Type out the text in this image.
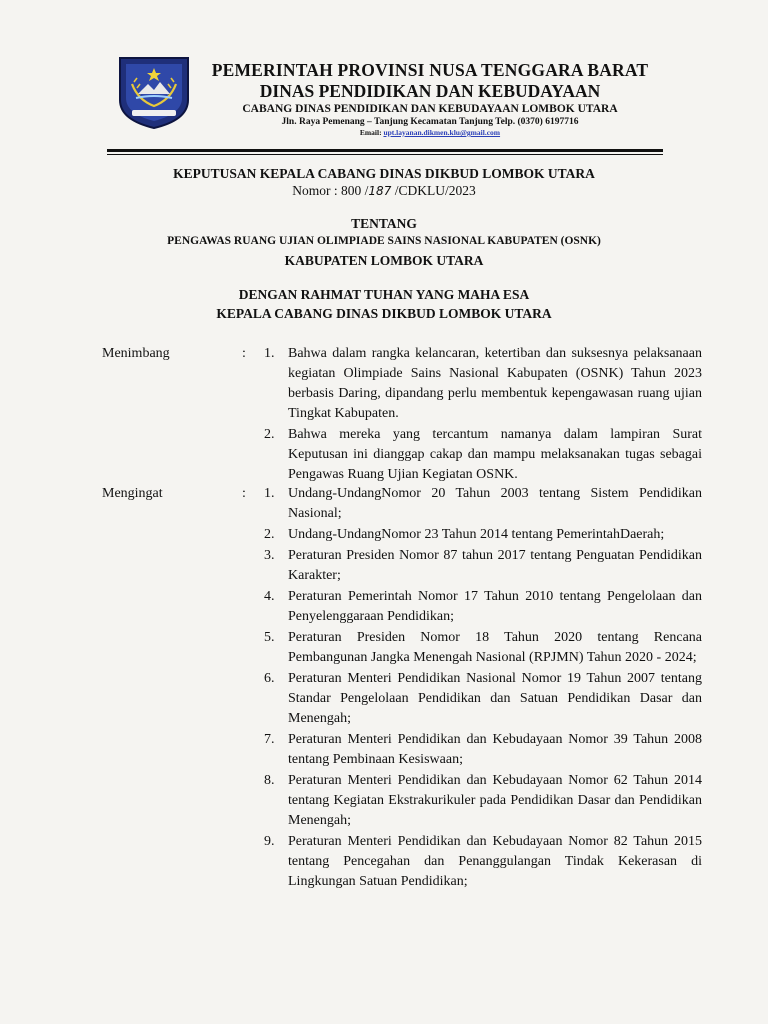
PEMERINTAH PROVINSI NUSA TENGGARA BARAT
DINAS PENDIDIKAN DAN KEBUDAYAAN
CABANG DINAS PENDIDIKAN DAN KEBUDAYAAN LOMBOK UTARA
Jln. Raya Pemenang – Tanjung Kecamatan Tanjung Telp. (0370) 6197716
Email: upt.layanan.dikmen.klu@gmail.com
KEPUTUSAN KEPALA CABANG DINAS DIKBUD LOMBOK UTARA
Nomor : 800 /187 /CDKLU/2023
TENTANG
PENGAWAS RUANG UJIAN OLIMPIADE SAINS NASIONAL KABUPATEN (OSNK)
KABUPATEN LOMBOK UTARA
DENGAN RAHMAT TUHAN YANG MAHA ESA
KEPALA CABANG DINAS DIKBUD LOMBOK UTARA
Menimbang	: 1. Bahwa dalam rangka kelancaran, ketertiban dan suksesnya pelaksanaan kegiatan Olimpiade Sains Nasional Kabupaten (OSNK) Tahun 2023 berbasis Daring, dipandang perlu membentuk kepengawasan ruang ujian Tingkat Kabupaten.
2. Bahwa mereka yang tercantum namanya dalam lampiran Surat Keputusan ini dianggap cakap dan mampu melaksanakan tugas sebagai Pengawas Ruang Ujian Kegiatan OSNK.
Mengingat	: 1. Undang-UndangNomor 20 Tahun 2003 tentang Sistem Pendidikan Nasional;
2. Undang-UndangNomor 23 Tahun 2014 tentang PemerintahDaerah;
3. Peraturan Presiden Nomor 87 tahun 2017 tentang Penguatan Pendidikan Karakter;
4. Peraturan Pemerintah Nomor 17 Tahun 2010 tentang Pengelolaan dan Penyelenggaraan Pendidikan;
5. Peraturan Presiden Nomor 18 Tahun 2020 tentang Rencana Pembangunan Jangka Menengah Nasional (RPJMN) Tahun 2020 - 2024;
6. Peraturan Menteri Pendidikan Nasional Nomor 19 Tahun 2007 tentang Standar Pengelolaan Pendidikan dan Satuan Pendidikan Dasar dan Menengah;
7. Peraturan Menteri Pendidikan dan Kebudayaan Nomor 39 Tahun 2008 tentang Pembinaan Kesiswaan;
8. Peraturan Menteri Pendidikan dan Kebudayaan Nomor 62 Tahun 2014 tentang Kegiatan Ekstrakurikuler pada Pendidikan Dasar dan Pendidikan Menengah;
9. Peraturan Menteri Pendidikan dan Kebudayaan Nomor 82 Tahun 2015 tentang Pencegahan dan Penanggulangan Tindak Kekerasan di Lingkungan Satuan Pendidikan;
